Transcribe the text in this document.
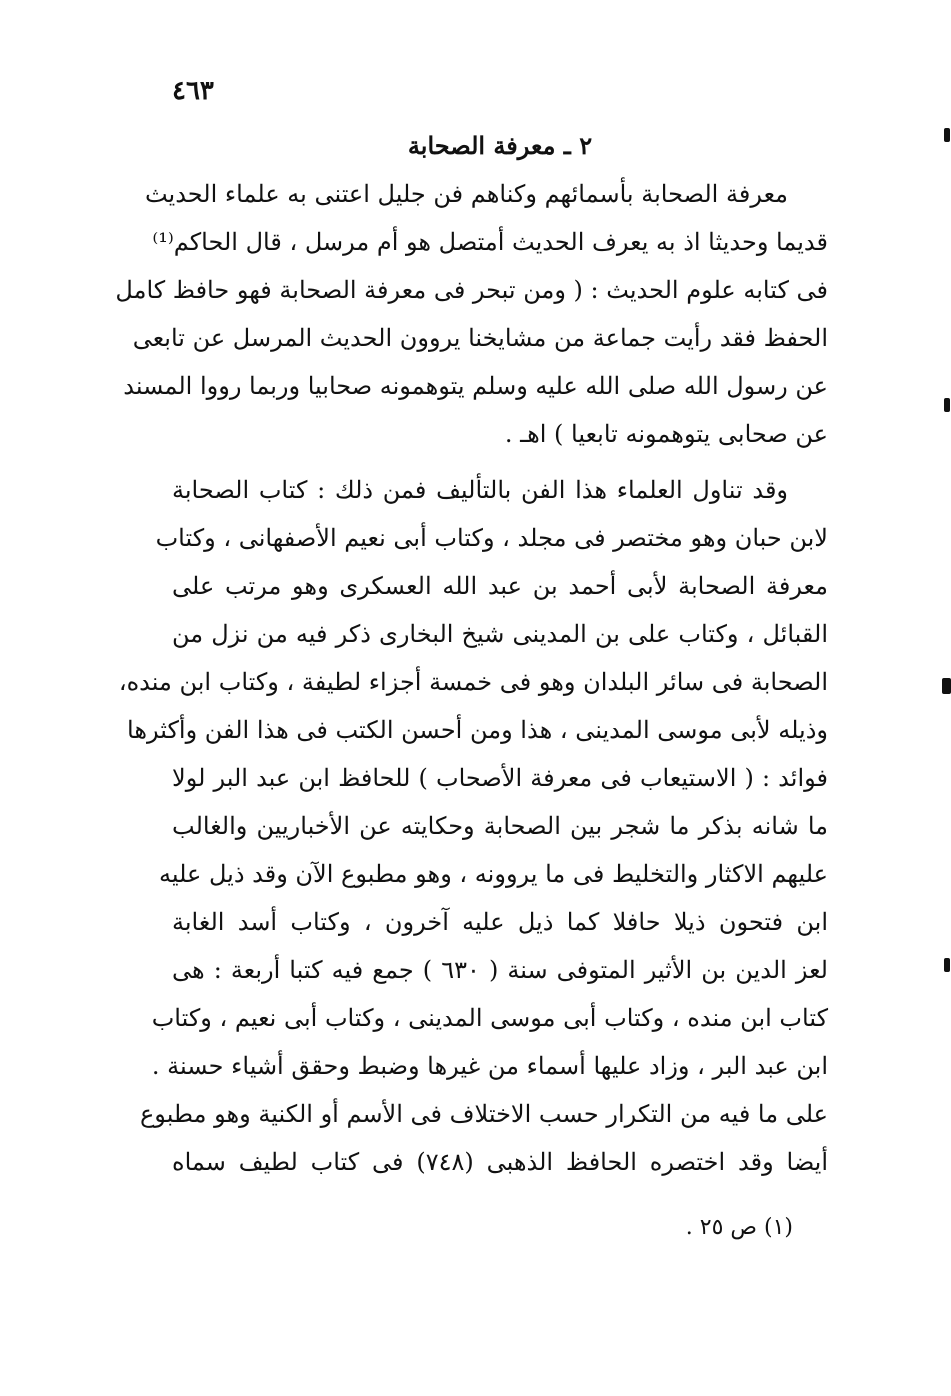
٤٦٣
٢ ـ معرفة الصحابة
معرفة الصحابة بأسمائهم وكناهم فن جليل اعتنى به علماء الحديث
قديما وحديثا اذ به يعرف الحديث أمتصل هو أم مرسل ، قال الحاكم⁽¹⁾
فى كتابه علوم الحديث : ( ومن تبحر فى معرفة الصحابة فهو حافظ كامل
الحفظ فقد رأيت جماعة من مشايخنا يروون الحديث المرسل عن تابعى
عن رسول الله صلى الله عليه وسلم يتوهمونه صحابيا وربما رووا المسند
عن صحابى يتوهمونه تابعيا ) اهـ .
وقد تناول العلماء هذا الفن بالتأليف فمن ذلك : كتاب الصحابة
لابن حبان وهو مختصر فى مجلد ، وكتاب أبى نعيم الأصفهانى ، وكتاب
معرفة الصحابة لأبى أحمد بن عبد الله العسكرى وهو مرتب على
القبائل ، وكتاب على بن المدينى شيخ البخارى ذكر فيه من نزل من
الصحابة فى سائر البلدان وهو فى خمسة أجزاء لطيفة ، وكتاب ابن منده،
وذيله لأبى موسى المدينى ، هذا ومن أحسن الكتب فى هذا الفن وأكثرها
فوائد : ( الاستيعاب فى معرفة الأصحاب ) للحافظ ابن عبد البر لولا
ما شانه بذكر ما شجر بين الصحابة وحكايته عن الأخباريين والغالب
عليهم الاكثار والتخليط فى ما يروونه ، وهو مطبوع الآن وقد ذيل عليه
ابن فتحون ذيلا حافلا كما ذيل عليه آخرون ، وكتاب أسد الغابة
لعز الدين بن الأثير المتوفى سنة ( ٦٣٠ ) جمع فيه كتبا أربعة : هى
كتاب ابن منده ، وكتاب أبى موسى المدينى ، وكتاب أبى نعيم ، وكتاب
ابن عبد البر ، وزاد عليها أسماء من غيرها وضبط وحقق أشياء حسنة .
على ما فيه من التكرار حسب الاختلاف فى الأسم أو الكنية وهو مطبوع
أيضا وقد اختصره الحافظ الذهبى (٧٤٨) فى كتاب لطيف سماه
(١) ص ٢٥ .
